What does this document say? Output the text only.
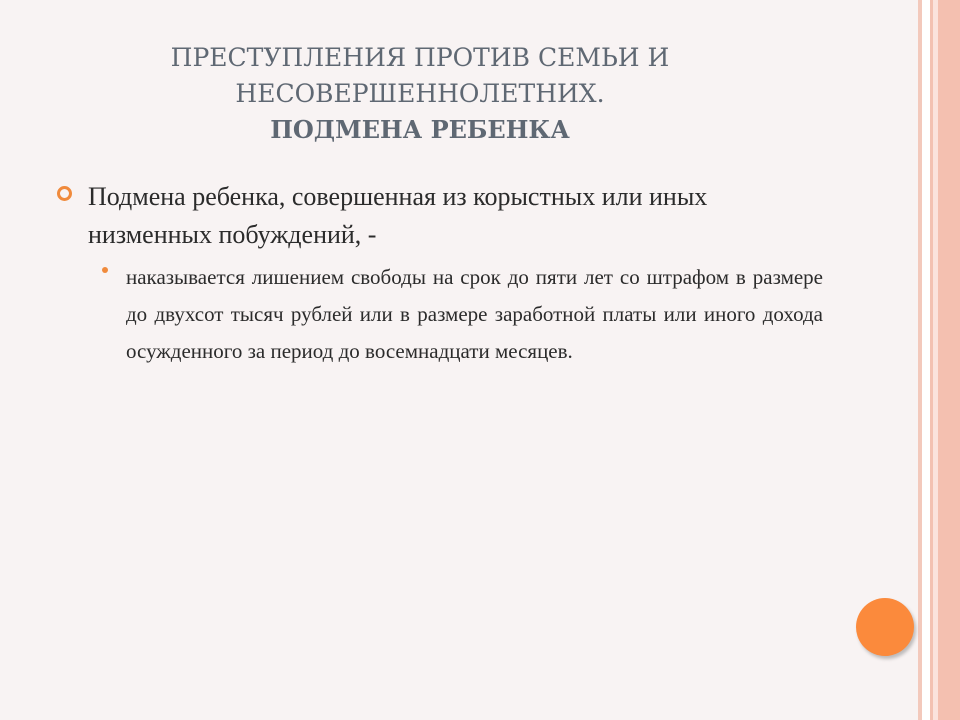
ПРЕСТУПЛЕНИЯ ПРОТИВ СЕМЬИ И
НЕСОВЕРШЕННОЛЕТНИХ.
ПОДМЕНА РЕБЕНКА
Подмена ребенка, совершенная из корыстных или иных низменных побуждений, -
наказывается лишением свободы на срок до пяти лет со штрафом в размере до двухсот тысяч рублей или в размере заработной платы или иного дохода осужденного за период до восемнадцати месяцев.
